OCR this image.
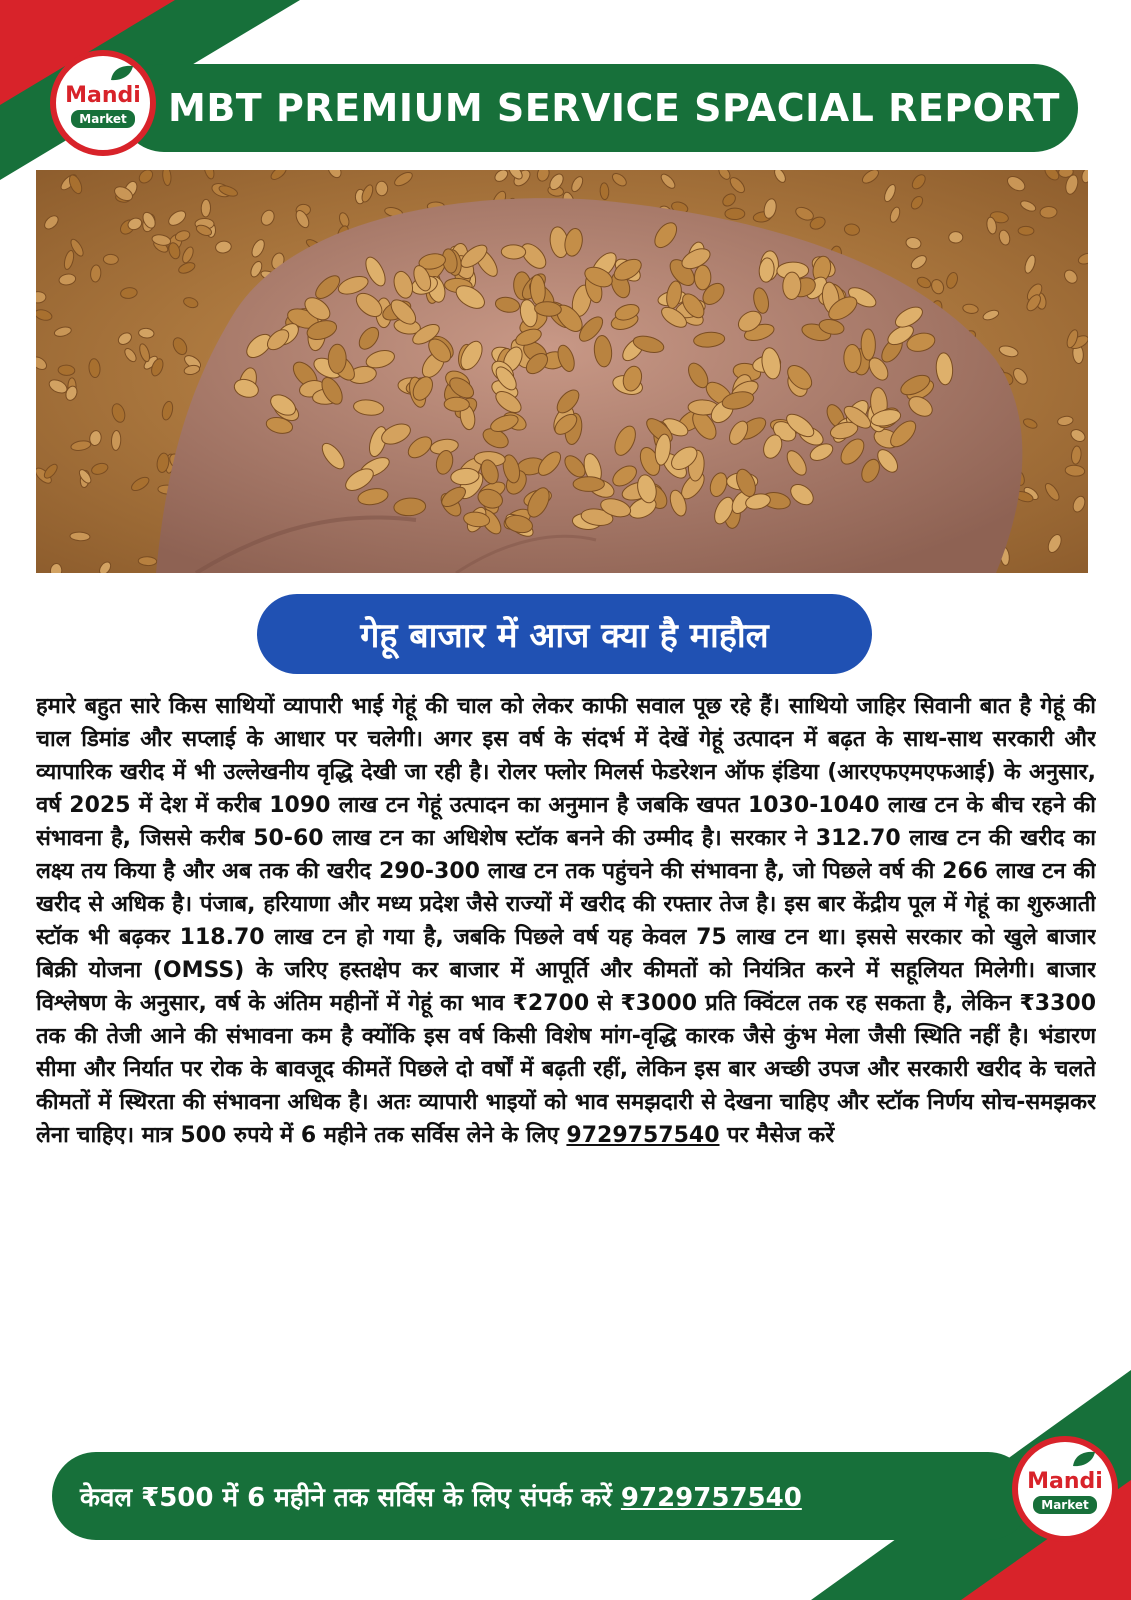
MBT PREMIUM SERVICE SPACIAL REPORT
Mandi
Market
गेहू बाजार में आज क्या है माहौल

हमारे बहुत सारे किस साथियों व्यापारी भाई गेहूं की चाल को लेकर काफी सवाल पूछ रहे हैं। साथियो जाहिर सिवानी बात है गेहूं की चाल डिमांड और सप्लाई के आधार पर चलेगी। अगर इस वर्ष के संदर्भ में देखें गेहूं उत्पादन में बढ़त के साथ-साथ सरकारी और व्यापारिक खरीद में भी उल्लेखनीय वृद्धि देखी जा रही है। रोलर फ्लोर मिलर्स फेडरेशन ऑफ इंडिया (आरएफएमएफआई) के अनुसार, वर्ष 2025 में देश में करीब 1090 लाख टन गेहूं उत्पादन का अनुमान है जबकि खपत 1030-1040 लाख टन के बीच रहने की संभावना है, जिससे करीब 50-60 लाख टन का अधिशेष स्टॉक बनने की उम्मीद है। सरकार ने 312.70 लाख टन की खरीद का लक्ष्य तय किया है और अब तक की खरीद 290-300 लाख टन तक पहुंचने की संभावना है, जो पिछले वर्ष की 266 लाख टन की खरीद से अधिक है। पंजाब, हरियाणा और मध्य प्रदेश जैसे राज्यों में खरीद की रफ्तार तेज है। इस बार केंद्रीय पूल में गेहूं का शुरुआती स्टॉक भी बढ़कर 118.70 लाख टन हो गया है, जबकि पिछले वर्ष यह केवल 75 लाख टन था। इससे सरकार को खुले बाजार बिक्री योजना (OMSS) के जरिए हस्तक्षेप कर बाजार में आपूर्ति और कीमतों को नियंत्रित करने में सहूलियत मिलेगी। बाजार विश्लेषण के अनुसार, वर्ष के अंतिम महीनों में गेहूं का भाव ₹2700 से ₹3000 प्रति क्विंटल तक रह सकता है, लेकिन ₹3300 तक की तेजी आने की संभावना कम है क्योंकि इस वर्ष किसी विशेष मांग-वृद्धि कारक जैसे कुंभ मेला जैसी स्थिति नहीं है। भंडारण सीमा और निर्यात पर रोक के बावजूद कीमतें पिछले दो वर्षों में बढ़ती रहीं, लेकिन इस बार अच्छी उपज और सरकारी खरीद के चलते कीमतों में स्थिरता की संभावना अधिक है। अतः व्यापारी भाइयों को भाव समझदारी से देखना चाहिए और स्टॉक निर्णय सोच-समझकर लेना चाहिए। मात्र 500 रुपये में 6 महीने तक सर्विस लेने के लिए 9729757540 पर मैसेज करें

केवल ₹500 में 6 महीने तक सर्विस के लिए संपर्क करें 9729757540
Mandi
Market
